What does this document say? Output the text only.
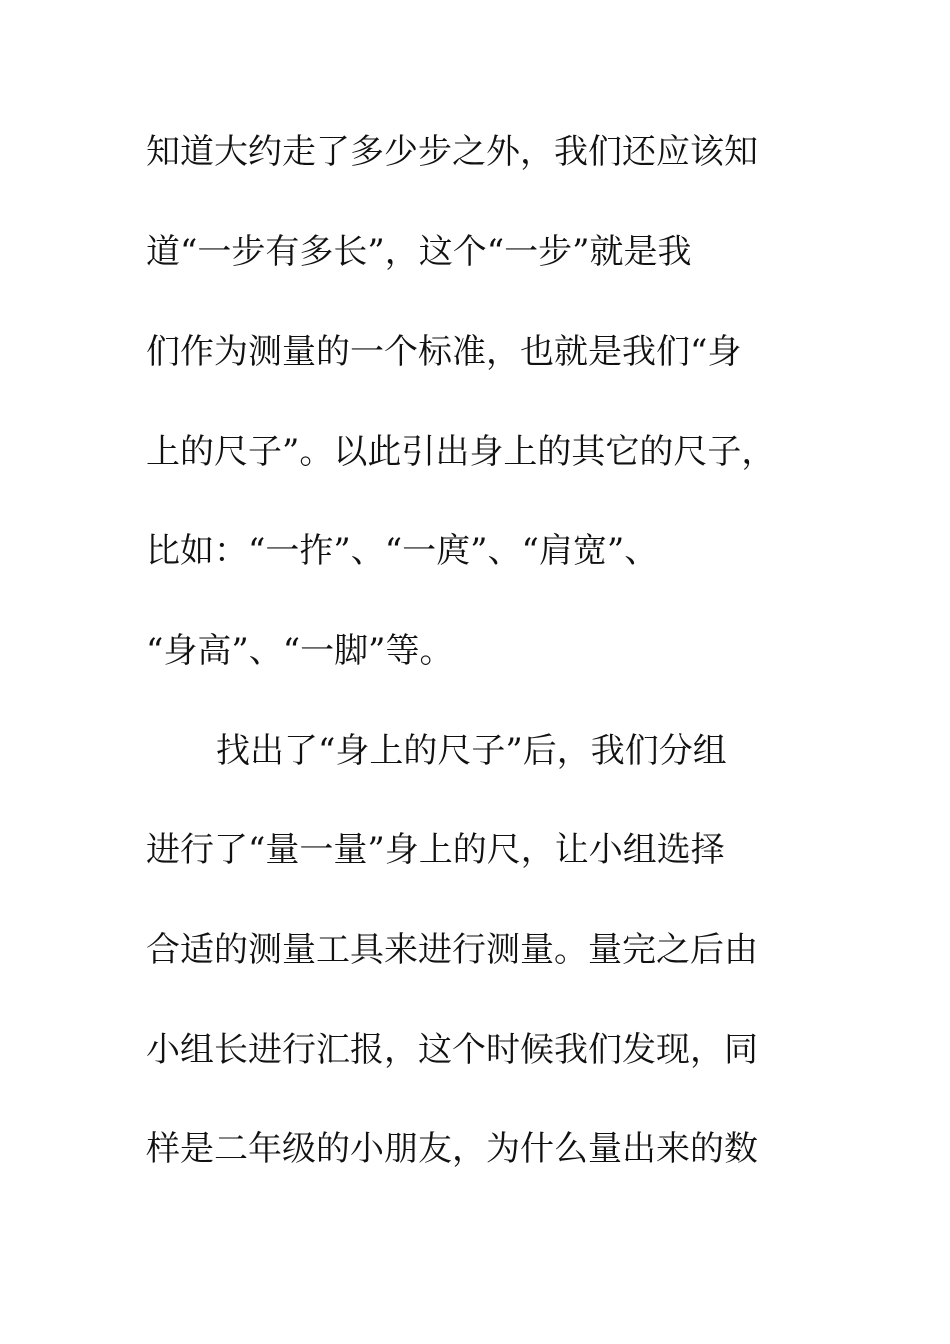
知道大约走了多少步之外，我们还应该知
道“一步有多长”，这个“一步”就是我
们作为测量的一个标准，也就是我们“身
上的尺子”。以此引出身上的其它的尺子，
比如：“一拃”、“一庹”、“肩宽”、
“身高”、“一脚”等。
找出了“身上的尺子”后，我们分组
进行了“量一量”身上的尺，让小组选择
合适的测量工具来进行测量。量完之后由
小组长进行汇报，这个时候我们发现，同
样是二年级的小朋友，为什么量出来的数
